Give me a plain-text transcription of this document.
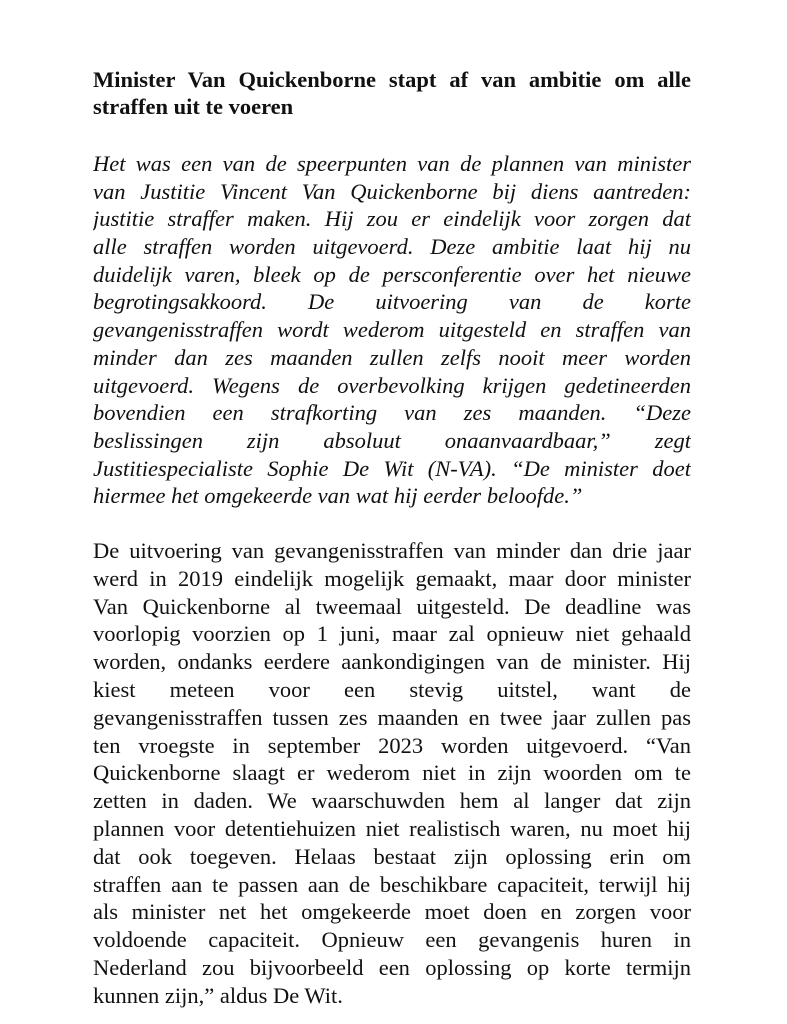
Minister Van Quickenborne stapt af van ambitie om alle
straffen uit te voeren
Het was een van de speerpunten van de plannen van minister
van Justitie Vincent Van Quickenborne bij diens aantreden:
justitie straffer maken. Hij zou er eindelijk voor zorgen dat
alle straffen worden uitgevoerd. Deze ambitie laat hij nu
duidelijk varen, bleek op de persconferentie over het nieuwe
begrotingsakkoord. De uitvoering van de korte
gevangenisstraffen wordt wederom uitgesteld en straffen van
minder dan zes maanden zullen zelfs nooit meer worden
uitgevoerd. Wegens de overbevolking krijgen gedetineerden
bovendien een strafkorting van zes maanden. “Deze
beslissingen zijn absoluut onaanvaardbaar,” zegt
Justitiespecialiste Sophie De Wit (N-VA). “De minister doet
hiermee het omgekeerde van wat hij eerder beloofde.”
De uitvoering van gevangenisstraffen van minder dan drie jaar
werd in 2019 eindelijk mogelijk gemaakt, maar door minister
Van Quickenborne al tweemaal uitgesteld. De deadline was
voorlopig voorzien op 1 juni, maar zal opnieuw niet gehaald
worden, ondanks eerdere aankondigingen van de minister. Hij
kiest meteen voor een stevig uitstel, want de
gevangenisstraffen tussen zes maanden en twee jaar zullen pas
ten vroegste in september 2023 worden uitgevoerd. “Van
Quickenborne slaagt er wederom niet in zijn woorden om te
zetten in daden. We waarschuwden hem al langer dat zijn
plannen voor detentiehuizen niet realistisch waren, nu moet hij
dat ook toegeven. Helaas bestaat zijn oplossing erin om
straffen aan te passen aan de beschikbare capaciteit, terwijl hij
als minister net het omgekeerde moet doen en zorgen voor
voldoende capaciteit. Opnieuw een gevangenis huren in
Nederland zou bijvoorbeeld een oplossing op korte termijn
kunnen zijn,” aldus De Wit.
